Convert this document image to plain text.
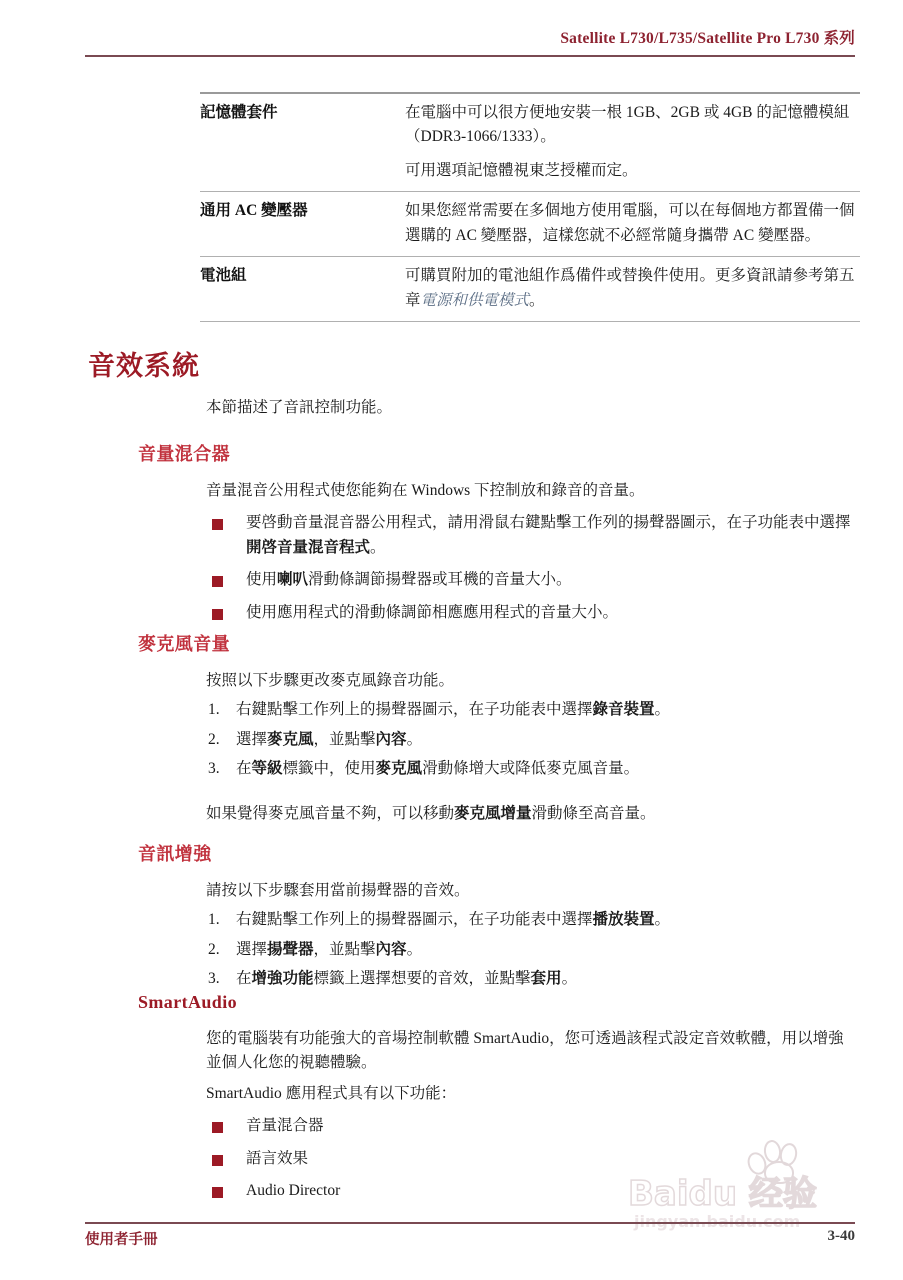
Satellite L730/L735/Satellite Pro L730 系列
記憶體套件	在電腦中可以很方便地安裝一根 1GB、2GB 或 4GB 的記憶體模組 （DDR3-1066/1333）。

可用選項記憶體視東芝授權而定。

通用 AC 變壓器	如果您經常需要在多個地方使用電腦，可以在每個地方都置備一個選購的 AC 變壓器，這樣您就不必經常隨身攜帶 AC 變壓器。

電池組	可購買附加的電池組作爲備件或替換件使用。更多資訊請參考第五章電源和供電模式。

音效系統

本節描述了音訊控制功能。

音量混合器

音量混音公用程式使您能夠在 Windows 下控制放和錄音的音量。

要啓動音量混音器公用程式，請用滑鼠右鍵點擊工作列的揚聲器圖示，在子功能表中選擇開啓音量混音程式。
使用喇叭滑動條調節揚聲器或耳機的音量大小。
使用應用程式的滑動條調節相應應用程式的音量大小。
麥克風音量

按照以下步驟更改麥克風錄音功能。

1. 右鍵點擊工作列上的揚聲器圖示，在子功能表中選擇錄音裝置。
2. 選擇麥克風，並點擊內容。
3. 在等級標籤中，使用麥克風滑動條增大或降低麥克風音量。

如果覺得麥克風音量不夠，可以移動麥克風增量滑動條至高音量。

音訊增強

請按以下步驟套用當前揚聲器的音效。

1. 右鍵點擊工作列上的揚聲器圖示，在子功能表中選擇播放裝置。
2. 選擇揚聲器，並點擊內容。
3. 在增強功能標籤上選擇想要的音效，並點擊套用。
SmartAudio

您的電腦裝有功能強大的音場控制軟體 SmartAudio，您可透過該程式設定音效軟體，用以增強並個人化您的視聽體驗。

SmartAudio 應用程式具有以下功能：

音量混合器
語言效果
Audio Director	Baidu 经验
使用者手冊	3-40
